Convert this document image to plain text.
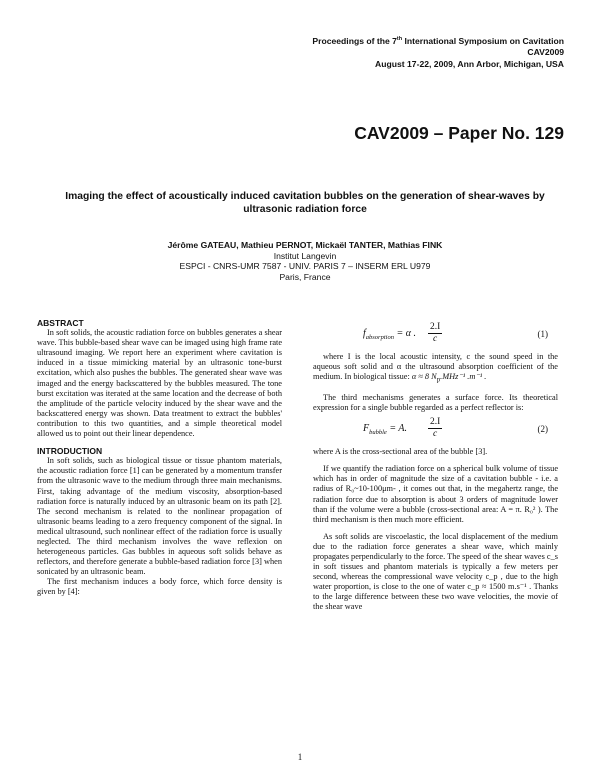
Proceedings of the 7th International Symposium on Cavitation
CAV2009
August 17-22, 2009, Ann Arbor, Michigan, USA
CAV2009 – Paper No. 129
Imaging the effect of acoustically induced cavitation bubbles on the generation of shear-waves by ultrasonic radiation force
Jérôme GATEAU, Mathieu PERNOT, Mickaël TANTER, Mathias FINK
Institut Langevin
ESPCI - CNRS-UMR 7587 - UNIV. PARIS 7 – INSERM ERL U979
Paris, France
ABSTRACT

In soft solids, the acoustic radiation force on bubbles generates a shear wave. This bubble-based shear wave can be imaged using high frame rate ultrasound imaging. We report here an experiment where cavitation is induced in a tissue mimicking material by an ultrasonic tone-burst excitation, which also pushes the bubbles. The generated shear wave was imaged and the energy backscattered by the bubbles measured. The tone burst excitation was iterated at the same location and the decrease of both the amplitude of the particle velocity induced by the shear wave and the backscattered energy was shown. Data treatment to extract the bubbles' contribution to this two quantities, and a simple theoretical model allowed us to point out their linear dependence.

INTRODUCTION

In soft solids, such as biological tissue or tissue phantom materials, the acoustic radiation force [1] can be generated by a momentum transfer from the ultrasonic wave to the medium through three main mechanisms. First, taking advantage of the medium viscosity, absorption-based radiation force is naturally induced by an ultrasonic beam on its path [2]. The second mechanism is related to the nonlinear propagation of ultrasonic beams leading to a zero frequency component of the signal. In medical ultrasound, such nonlinear effect of the radiation force is usually neglected. The third mechanism involves the wave reflexion on heterogeneous particles. Gas bubbles in aqueous soft solids behave as reflectors, and therefore generate a bubble-based radiation force [3] when sonicated by an ultrasonic beam.

The first mechanism induces a body force, which force density is given by [4]:

$f_{absorption} = \alpha$ . $\frac{2.I}{c}$	(1)

where I is the local acoustic intensity, c the sound speed in the aqueous soft solid and α the ultrasound absorption coefficient of the medium. In biological tissue: α ≈ 8 $N_p.MHz^{-1}$ .m⁻¹ .

The third mechanisms generates a surface force. Its theoretical expression for a single bubble regarded as a perfect reflector is:

$F_{bubble} = A$. $\frac{2.I}{c}$	(2)

where A is the cross-sectional area of the bubble [3].

If we quantify the radiation force on a spherical bulk volume of tissue which has in order of magnitude the size of a cavitation bubble - i.e. a radius of R₀~10-100μm- , it comes out that, in the megahertz range, the radiation force due to absorption is about 3 orders of magnitude lower than if the volume were a bubble (cross-sectional area: A = π. R₀² ). The third mechanism is then much more efficient.

As soft solids are viscoelastic, the local displacement of the medium due to the radiation force generates a shear wave, which mainly propagates perpendicularly to the force. The speed of the shear waves c_s in soft tissues and phantom materials is typically a few meters per second, whereas the compressional wave velocity c_p , due to the high water proportion, is close to the one of water c_p ≈ 1500 m.s⁻¹ . Thanks to the large difference between these two wave velocities, the movie of the shear wave

1
